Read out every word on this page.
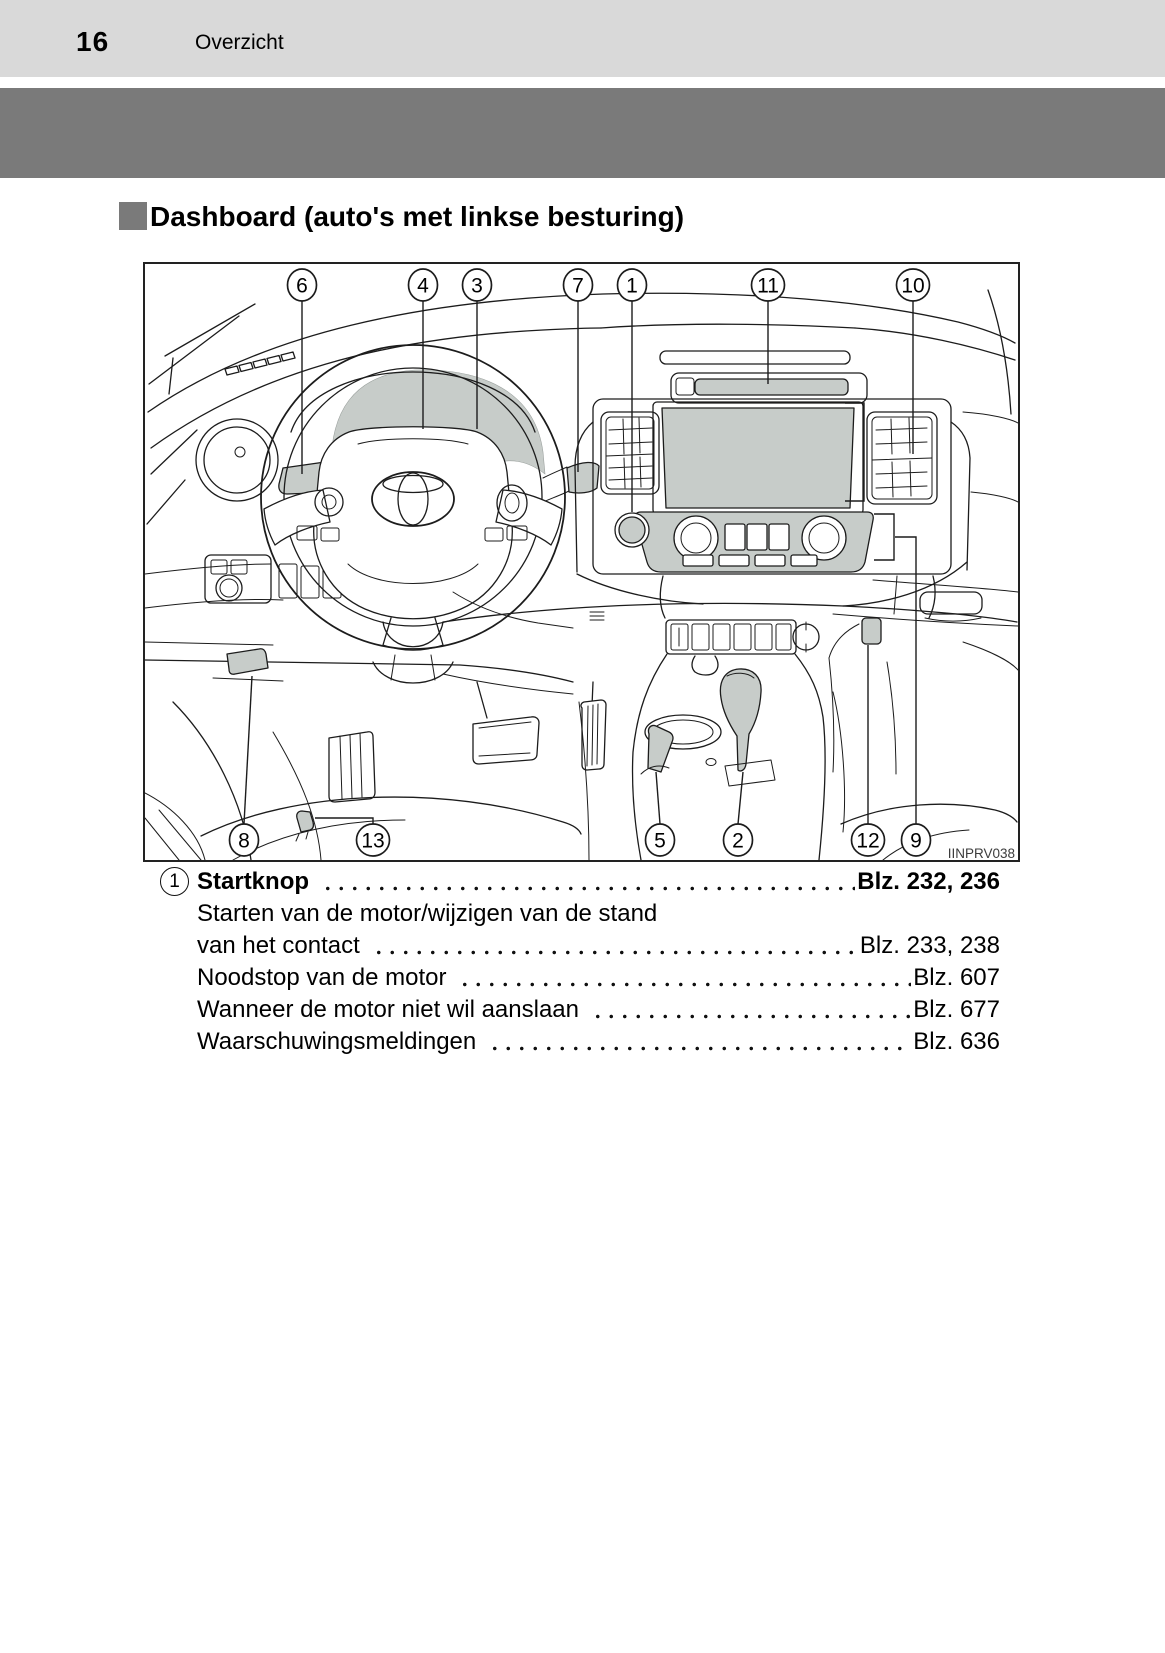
16	Overzicht
Dashboard (auto's met linkse besturing)
6	4 3	7 1	11	10
8	13	5	2	12 9
IINPRV038
1 Startknop	Blz. 232, 236
Starten van de motor/wijzigen van de stand
van het contact	Blz. 233, 238
Noodstop van de motor	Blz. 607
Wanneer de motor niet wil aanslaan	Blz. 677
Waarschuwingsmeldingen	Blz. 636
